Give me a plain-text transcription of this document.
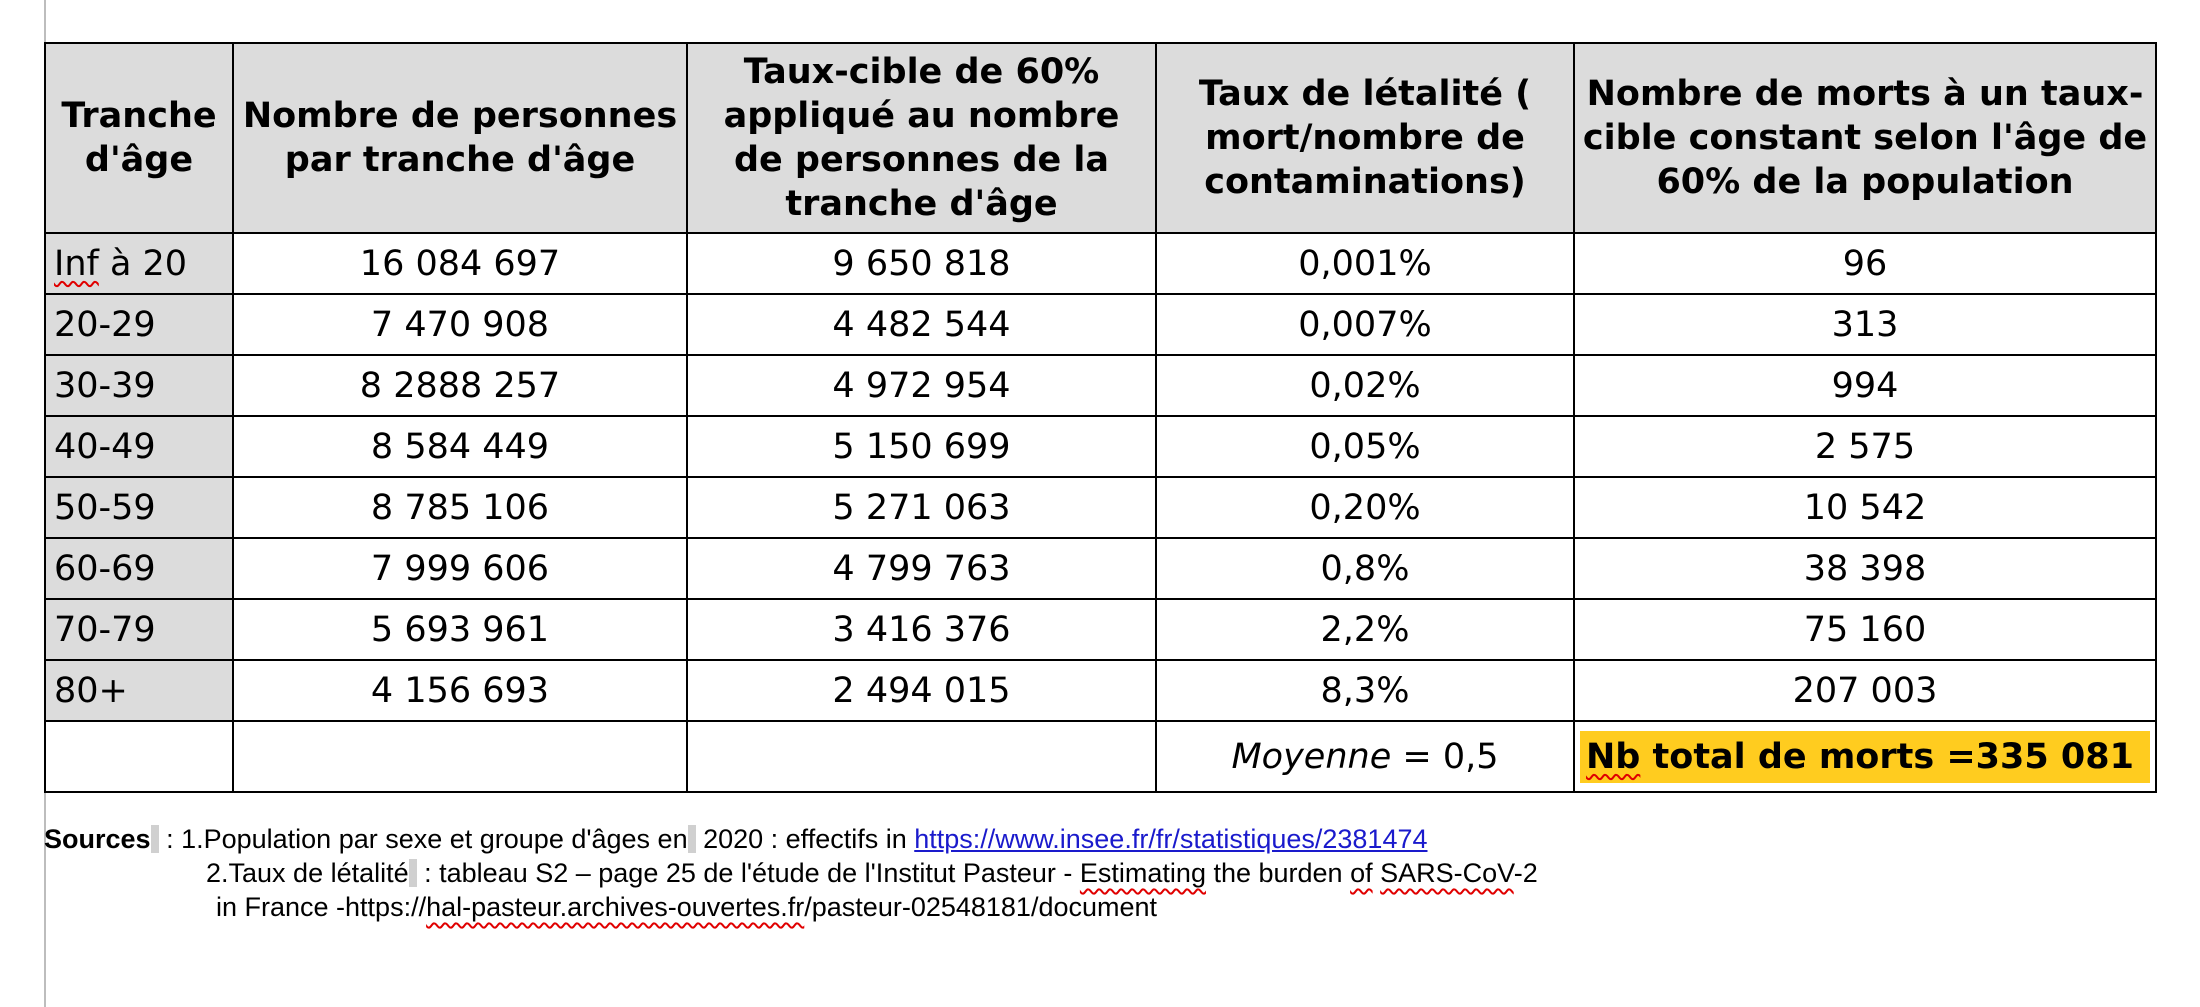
Tranche d'âge	Nombre de personnes par tranche d'âge	Taux-cible de 60% appliqué au nombre de personnes de la tranche d'âge	Taux de létalité ( mort/nombre de contaminations)	Nombre de morts à un taux-cible constant selon l'âge de 60% de la population
Inf à 20	16 084 697	9 650 818	0,001%	96
20-29	7 470 908	4 482 544	0,007%	313
30-39	8 2888 257	4 972 954	0,02%	994
40-49	8 584 449	5 150 699	0,05%	2 575
50-59	8 785 106	5 271 063	0,20%	10 542
60-69	7 999 606	4 799 763	0,8%	38 398
70-79	5 693 961	3 416 376	2,2%	75 160
80+	4 156 693	2 494 015	8,3%	207 003
			Moyenne = 0,5	Nb total de morts =335 081
Sources : 1.Population par sexe et groupe d'âges en 2020 : effectifs in https://www.insee.fr/fr/statistiques/2381474
2.Taux de létalité : tableau S2 – page 25 de l'étude de l'Institut Pasteur - Estimating the burden of SARS-CoV-2
in France -https://hal-pasteur.archives-ouvertes.fr/pasteur-02548181/document
